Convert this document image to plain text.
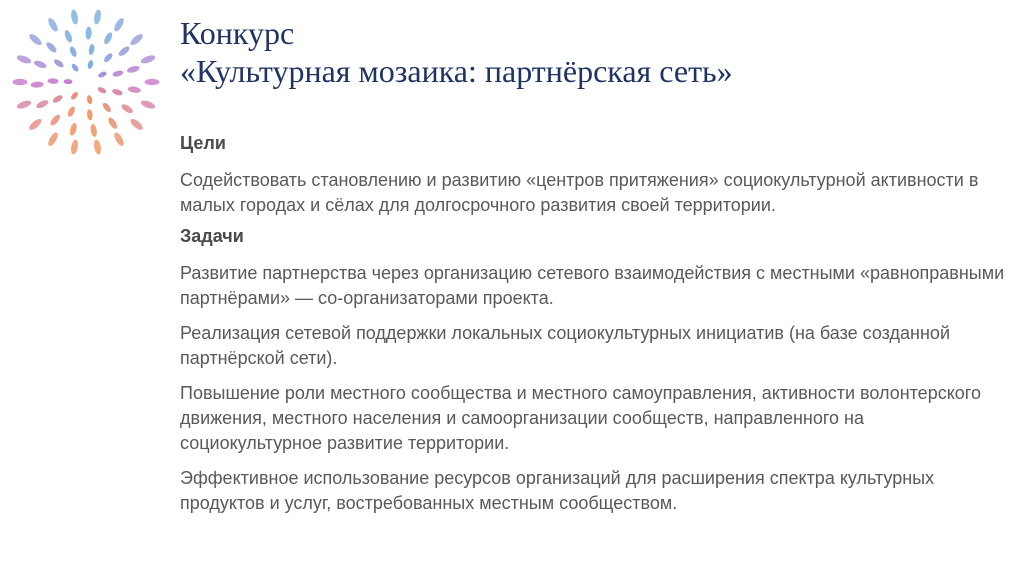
Конкурс
«Культурная мозаика: партнёрская сеть»
Цели
Содействовать становлению и развитию «центров притяжения» социокультурной активности в малых городах и сёлах для долгосрочного развития своей территории.
Задачи
Развитие партнерства через организацию сетевого взаимодействия с местными «равноправными партнёрами» — со-организаторами проекта.
Реализация сетевой поддержки локальных социокультурных инициатив (на базе созданной партнёрской сети).
Повышение роли местного сообщества и местного самоуправления, активности волонтерского движения, местного населения и самоорганизации сообществ, направленного на социокультурное развитие территории.
Эффективное использование ресурсов организаций для расширения спектра культурных продуктов и услуг, востребованных местным сообществом.
